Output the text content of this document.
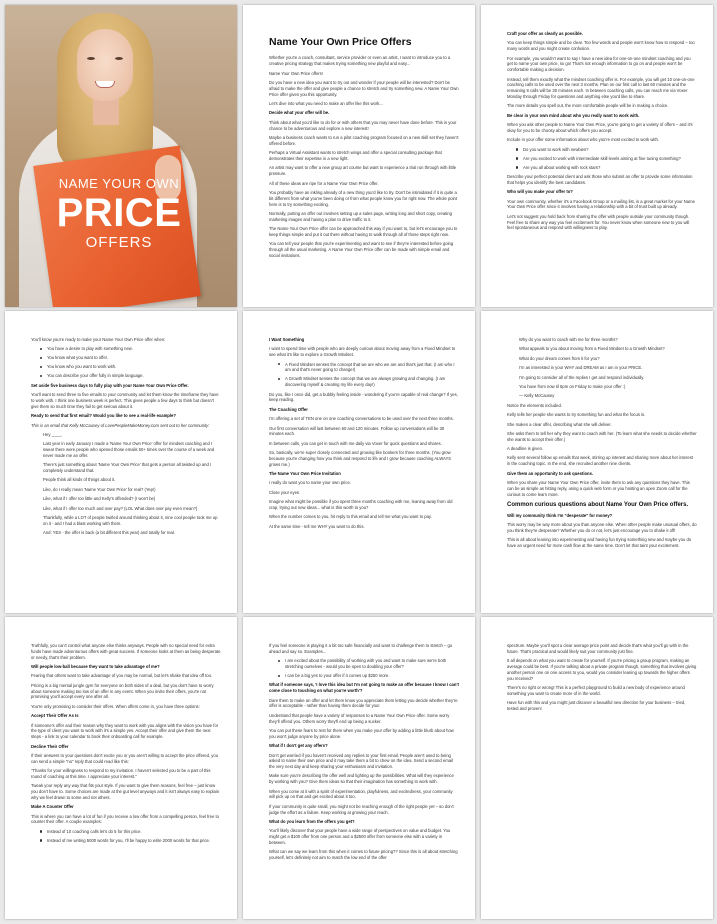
NAME YOUR OWN
PRICE
OFFERS
Name Your Own Price Offers

Whether you're a coach, consultant, service provider or even an artist, I want to introduce you to a creative pricing strategy that makes trying something new playful and easy...

Name Your Own Price offers!

Do you have a new idea you want to try out and wonder if your people will be interested? Don't be afraid to make the offer and give people a chance to stretch and try something new. A Name Your Own Price offer gives you this opportunity.

Let's dive into what you need to make an offer like this work...

Decide what your offer will be.

Think about what you'd like to do for or with others that you may never have done before. This is your chance to be adventurous and explore a new interest!

Maybe a business coach wants to run a pilot coaching program focused on a new skill set they haven't offered before.

Perhaps a Virtual Assistant wants to stretch wings and offer a special consulting package that demonstrates their expertise in a new light.

An artist may want to offer a new group art course but want to experience a trial run through with little pressure.

All of these ideas are ripe for a Name Your Own Price offer.

You probably have an inkling already of a new thing you'd like to try. Don't be intimidated if it is quite a bit different from what you've been doing or from what people know you for right now. The whole point here is to try something exciting.

Normally, putting an offer out involves setting up a sales page, writing long and short copy, creating marketing images and having a plan to drive traffic to it.

The Name Your Own Price offer can be approached this way if you want to, but let's encourage you to keep things simple and put it out there without having to walk through all of those steps right now.

You can tell your people that you're experimenting and want to see if they're interested before going through all the usual marketing. A Name Your Own Price offer can be made with simple email and social invitations.

Craft your offer as clearly as possible.

You can keep things simple and be clear. Too few words and people won't know how to respond – too many words and you might create confusion.

For example, you wouldn't want to say I have a new idea for one-on-one mindset coaching and you get to name your own price, so go! That's not enough information to go on and people won't be comfortable making a decision.

Instead, tell them exactly what the mindset coaching offer is. For example, you will get 10 one-on-one coaching calls to be used over the next 3 months. Plan on our first call to last 60 minutes and the remaining 9 calls will be 30 minutes each. In between coaching calls, you can reach me via Voxer Monday through Friday for questions and anything else you'd like to share.

The more details you spell out, the more comfortable people will be in making a choice.

Be clear in your own mind about who you really want to work with.

When you ask other people to Name Your Own Price, you're going to get a variety of offers – and it's okay for you to be choosy about which offers you accept.

Include in your offer some information about who you're most excited to work with.

Do you want to work with newbies?
Are you excited to work with intermediate skill levels aiming at fine tuning something?
Are you all about working with rock stars?

Describe your perfect potential client and ask those who submit an offer to provide some information that helps you identify the best candidates.

Who will you make your offer to?

Your own community, whether it's a Facebook Group or a mailing list, is a great market for your Name Your Own Price offer since it involves having a relationship with a bit of trust built up already.

Let's not suggest you hold back from sharing the offer with people outside your community though. Feel free to share any way you feel excitement for. You never know when someone new to you will feel spontaneous and respond with willingness to play.

You'll know you're ready to make your Name Your Own Price offer when:

You have a desire to play with something new.
You know what you want to offer.
You know who you want to work with.
You can describe your offer fully in simple language.

Set aside five business days to fully play with your Name Your Own Price Offer.

You'll want to send three to five emails to your community and let them know the timeframe they have to work with. I think one business week is perfect. This gives people a few days to think but doesn't give them so much time they fail to get serious about it.

Ready to send that first email? Would you like to see a real-life example?

This is an email that Kelly McCausey of LovePeopleMakeMoney.com sent out to her community:

Hey ____,

Last year in early January I made a 'Name Your Own Price' offer for mindset coaching and I swear there were people who opened those emails 50+ times over the course of a week and never made me an offer.

There's just something about 'Name Your Own Price' that gets a person all twisted up and I completely understand that.

People think all kinds of things about it.

Like, do I really mean 'Name Your Own Price' for real? (Yep!)

Like, what if I offer too little and Kelly's offended? (I won't be)

Like, what if I offer too much and over pay? (LOL What does over pay even mean?)

Thankfully, while a LOT of people twirled around thinking about it, nine cool people took me up on it - and I had a blast working with them.

And: YES - the offer is back (a bit different this year) and totally for real.

I Want Something

I want to spend time with people who are deeply curious about moving away from a Fixed Mindset to see what it's like to explore a Growth Mindset.

A Fixed Mindset senses the concept that we are who we are and that's just that. (I am who I am and that's never going to change!)
A Growth Mindset senses the concept that we are always growing and changing. (I am discovering myself & creating my life every day!)

Do you, like I once did, get a bubbly feeling inside - wondering if you're capable of real change? If yes, keep reading.

The Coaching Offer

I'm offering a set of TEN one on one coaching conversations to be used over the next three months.

Our first conversation will last between 60 and 120 minutes. Follow up conversations will be 30 minutes each.

In between calls, you can get in touch with me daily via Voxer for quick questions and shares.

So, basically, we're super closely connected and growing like bonkers for three months. (You grow because you're changing how you think and respond to life and I grow because coaching ALWAYS grows me.)

The Name Your Own Price Invitation

I really do want you to name your own price.

Close your eyes.

Imagine what might be possible if you spent three months coaching with me, leaning away from old crap, trying out new ideas... what is this worth to you?

When the number comes to you, hit reply to this email and tell me what you want to pay.

At the same time - tell me WHY you want to do this.

Why do you want to coach with me for three months?

What appeals to you about moving from a Fixed Mindset to a Growth Mindset?

What do your dream comes from it for you?

I'm as interested in your WHY and DREAM as I am in your PRICE.

I'm going to consider all of the replies I get and respond individually.

You have from now til 5pm on Friday to make your offer :)

— Kelly McCausey

Notice the elements included.

Kelly tells her people she wants to try something fun and what the focus is.

She makes a clear offer, describing what she will deliver.

She asks them to tell her why they want to coach with her. (To learn what she needs to decide whether she wants to accept their offer.)

A deadline is given.

Kelly sent several follow up emails that week, stirring up interest and sharing more about her interest in the coaching topic. In the end, she recruited another nine clients.

Give them an opportunity to ask questions.

When you share your Name Your Own Price offer, invite them to ask any questions they have. This can be as simple as hitting reply, using a quick web form or you hosting an open Zoom call for the curious to come learn more.

Common curious questions about Name Your Own Price offers.

Will my community think I'm "desperate" for money?

This worry may be way more about you than anyone else. When other people make unusual offers, do you think they're desperate? Whether you do or not, let's just encourage you to shake it off!

This is all about leaning into experimenting and having fun trying something new and maybe you do have an urgent need for more cash flow at the same time. Don't let that taint your excitement.

Truthfully, you can't control what anyone else thinks anyways. People with no special need for extra funds have made adventurous offers with great success. If someone looks at them as being desperate or needy, that's their problem.

Will people low-ball because they want to take advantage of me?

Fearing that others want to take advantage of you may be normal, but let's shake that idea off too.

Pricing is a big mental jungle gym for everyone on both sides of a deal, but you don't have to worry about someone making too low of an offer in any event. When you invite their offers, you're not promising you'll accept every one after all.

You're only promising to consider their offers. When offers come in, you have three options:

Accept Their Offer As Is

If someone's offer and their reason why they want to work with you aligns with the vision you have for the type of client you want to work with it's a simple yes. Accept their offer and give them the next steps - a link to your calendar to book their onboarding call for example.

Decline Their Offer

If their answers to your questions don't excite you or you aren't willing to accept the price offered, you can send a simple "no" reply that could read like this:

"Thanks for your willingness to respond to my invitation. I haven't selected you to be a part of this round of coaching at this time. I appreciate your interest."

Tweak your reply any way that fits your style. If you want to give them reasons, feel free – just know you don't have to. Some choices are made at the gut level anyways and it isn't always easy to explain why we feel drawn to some and not others.

Make A Counter Offer

This is where you can have a lot of fun if you receive a low offer from a compelling person, feel free to counter their offer. A couple examples:

Instead of 10 coaching calls let's do 5 for this price.
Instead of me writing 5000 words for you, I'll be happy to write 2000 words for that price.

If you feel someone is playing it a bit too safe financially and want to challenge them to stretch – go ahead and say so. Examples...

I am excited about the possibility of working with you and want to make sure we're both stretching ourselves - would you be open to doubling your offer?
I can be a big yes to your offer if it comes up $250 more.

What if someone says, 'I love this idea but I'm not going to make an offer because I know I can't come close to touching on what you're worth'?

Dare them to make an offer and let them know you appreciate them letting you decide whether they're offer is acceptable - rather than having them decide for you!

Understand that people have a variety of responses to a Name Your Own Price offer. Some worry they'll offend you. Others worry they'll end up being a sucker.

You can put these fears to rest for them when you make your offer by adding a little blurb about how you won't judge anyone by price alone.

What if I don't get any offers?

Don't get worried if you haven't received any replies to your first email. People aren't used to being asked to name their own price and it may take them a bit to chew on the idea. Send a second email the very next day and keep sharing your enthusiasm and invitation.

Make sure you're describing the offer well and lighting up the possibilities. What will they experience by working with you? Give them ideas so that their imagination has something to work with.

When you come at it with a spirit of experimentation, playfulness, and excitedness, your community will pick up on that and get excited about it too.

If your community is quite small, you might not be reaching enough of the right people yet – so don't judge the effort as a failure. Keep working at growing your reach.

What do you learn from the offers you get?

You'll likely discover that your people have a wide range of perspectives on value and budget. You might get a $100 offer from one person and a $2500 offer from someone else with a variety in between.

What can we say we learn from this when it comes to future pricing?? Since this is all about stretching yourself, let's definitely not aim to match the low end of the offer

spectrum. Maybe you'll spot a clear average price point and decide that's what you'll go with in the future. That's practical and would likely suit your community just fine.

It all depends on what you want to create for yourself. If you're pricing a group program, making an average could be best. If you're talking about a private program though, something that involves giving another person one on one access to you, would you consider leaning up towards the higher offers you received?

There's no right or wrong! This is a perfect playground to build a new body of experience around something you want to create more of in the world.

Have fun with this and you might just discover a beautiful new direction for your business – tried, tested and proven!
